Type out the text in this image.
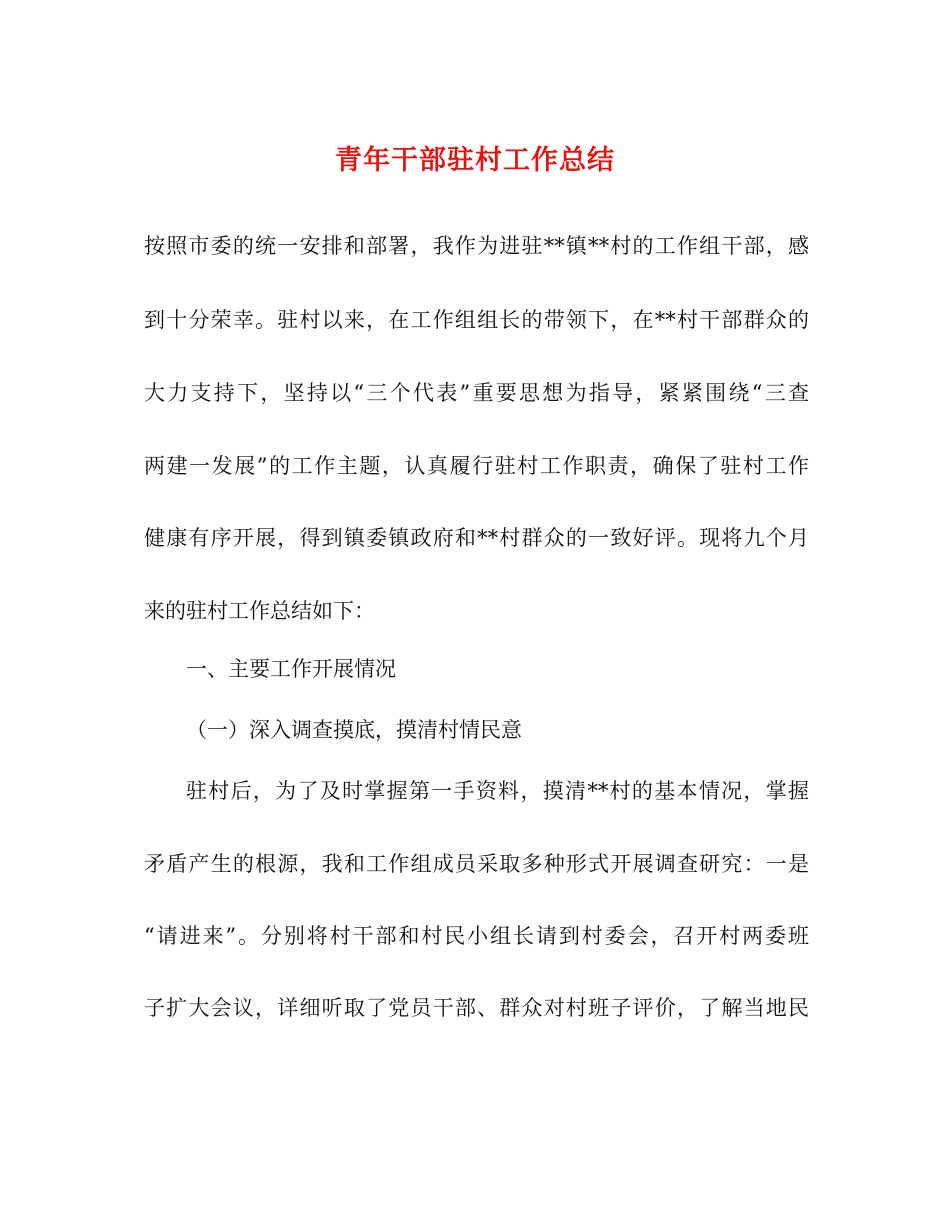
青年干部驻村工作总结

按照市委的统一安排和部署，我作为进驻**镇**村的工作组干部，感

到十分荣幸。驻村以来，在工作组组长的带领下，在**村干部群众的

大力支持下，坚持以“三个代表”重要思想为指导，紧紧围绕“三查

两建一发展”的工作主题，认真履行驻村工作职责，确保了驻村工作

健康有序开展，得到镇委镇政府和**村群众的一致好评。现将九个月

来的驻村工作总结如下：

一、主要工作开展情况

（一）深入调查摸底，摸清村情民意

驻村后，为了及时掌握第一手资料，摸清**村的基本情况，掌握

矛盾产生的根源，我和工作组成员采取多种形式开展调查研究：一是

“请进来”。分别将村干部和村民小组长请到村委会，召开村两委班

子扩大会议，详细听取了党员干部、群众对村班子评价，了解当地民
